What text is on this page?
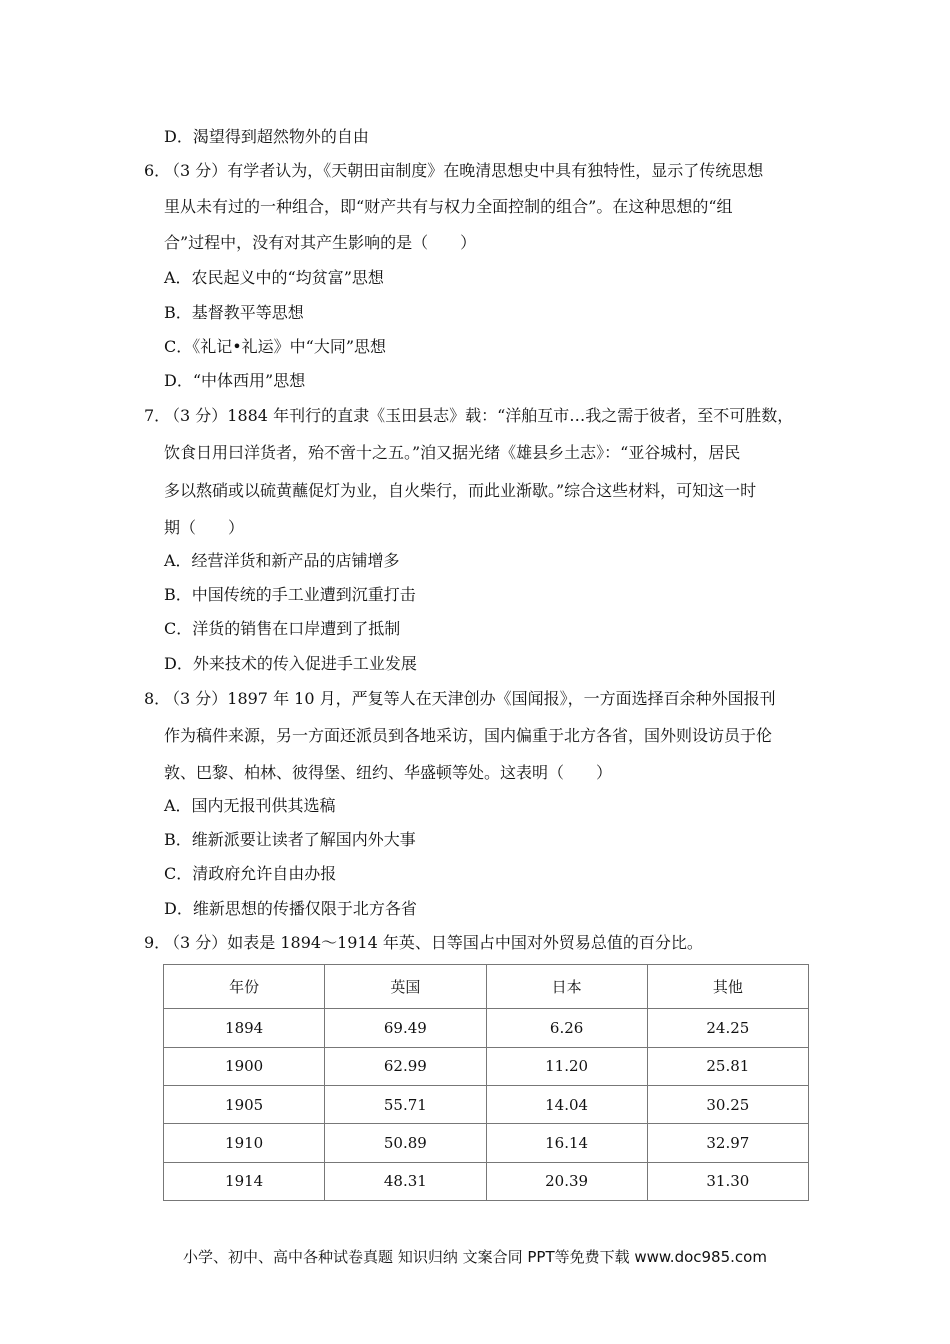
D．渴望得到超然物外的自由
6．
（3 分）有学者认为，《天朝田亩制度》在晚清思想史中具有独特性，显示了传统思想
里从未有过的一种组合，即“财产共有与权力全面控制的组合”。在这种思想的“组
合”过程中，没有对其产生影响的是（　　）
A．农民起义中的“均贫富”思想
B．基督教平等思想
C．《礼记•礼运》中“大同”思想
D．“中体西用”思想
7．
（3 分）1884 年刊行的直隶《玉田县志》载：“洋舶互市…我之需于彼者，至不可胜数，
饮食日用曰洋货者，殆不啻十之五。”洎又据光绪《雄县乡土志》：“亚谷城村，居民
多以熬硝或以硫黄蘸促灯为业，自火柴行，而此业渐歇。”综合这些材料，可知这一时
期（　　）
A．经营洋货和新产品的店铺增多
B．中国传统的手工业遭到沉重打击
C．洋货的销售在口岸遭到了抵制
D．外来技术的传入促进手工业发展
8．
（3 分）1897 年 10 月，严复等人在天津创办《国闻报》，一方面选择百余种外国报刊
作为稿件来源，另一方面还派员到各地采访，国内偏重于北方各省，国外则设访员于伦
敦、巴黎、柏林、彼得堡、纽约、华盛顿等处。这表明（　　）
A．国内无报刊供其选稿
B．维新派要让读者了解国内外大事
C．清政府允许自由办报
D．维新思想的传播仅限于北方各省
9．
（3 分）如表是 1894～1914 年英、日等国占中国对外贸易总值的百分比。
年份	英国	日本	其他
1894	69.49	6.26	24.25
1900	62.99	11.20	25.81
1905	55.71	14.04	30.25
1910	50.89	16.14	32.97
1914	48.31	20.39	31.30
小学、初中、高中各种试卷真题 知识归纳 文案合同 PPT等免费下载 www.doc985.com
